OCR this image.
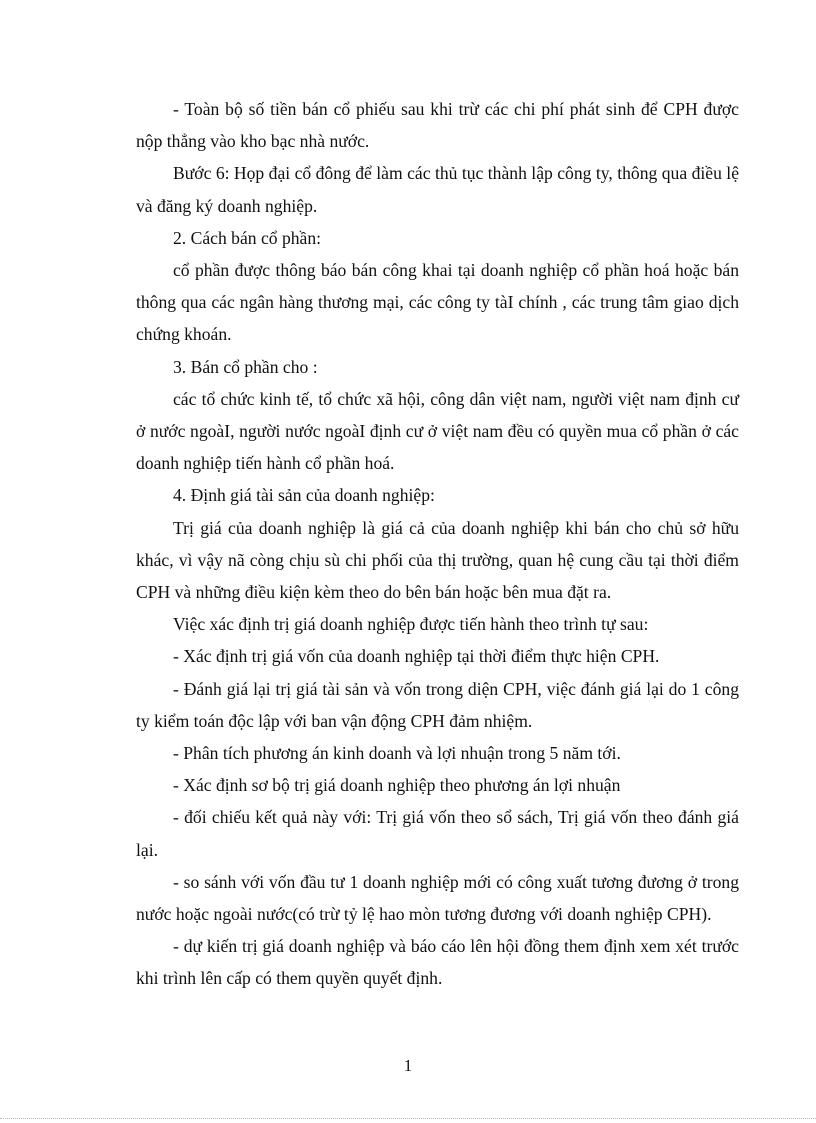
- Toàn bộ số tiền bán cổ phiếu sau khi trừ các chi phí phát sinh để CPH được nộp thẳng vào kho bạc nhà nước.

Bước 6: Họp đại cổ đông để làm các thủ tục thành lập công ty, thông qua điều lệ và đăng ký doanh nghiệp.

2. Cách bán cổ phần:

cổ phần được thông báo bán công khai tại doanh nghiệp cổ phần hoá hoặc bán thông qua các ngân hàng thương mại, các công ty tàI chính , các trung tâm giao dịch chứng khoán.

3. Bán cổ phần cho :

các tổ chức kinh tế, tổ chức xã hội, công dân việt nam, người việt nam định cư ở nước ngoàI, người nước ngoàI định cư ở việt nam đều có quyền mua cổ phần ở các doanh nghiệp tiến hành cổ phần hoá.

4. Định giá tài sản của doanh nghiệp:

Trị giá của doanh nghiệp là giá cả của doanh nghiệp khi bán cho chủ sở hữu khác, vì vậy nã còng chịu sù chi phối của thị trường, quan hệ cung cầu tại thời điểm CPH và những điều kiện kèm theo do bên bán hoặc bên mua đặt ra.

Việc xác định trị giá doanh nghiệp được tiến hành theo trình tự sau:

- Xác định trị giá vốn của doanh nghiệp tại thời điểm thực hiện CPH.

- Đánh giá lại trị giá tài sản và vốn trong diện CPH, việc đánh giá lại do 1 công ty kiểm toán độc lập với ban vận động CPH đảm nhiệm.

- Phân tích phương án kinh doanh và lợi nhuận trong 5 năm tới.

- Xác định sơ bộ trị giá doanh nghiệp theo phương án lợi nhuận

- đối chiếu kết quả này với: Trị giá vốn theo sổ sách, Trị giá vốn theo đánh giá lại.

- so sánh với vốn đầu tư 1 doanh nghiệp mới có công xuất tương đương ở trong nước hoặc ngoài nước(có trừ tỷ lệ hao mòn tương đương với doanh nghiệp CPH).

- dự kiến trị giá doanh nghiệp và báo cáo lên hội đồng them định xem xét trước khi trình lên cấp có them quyền quyết định.

1
